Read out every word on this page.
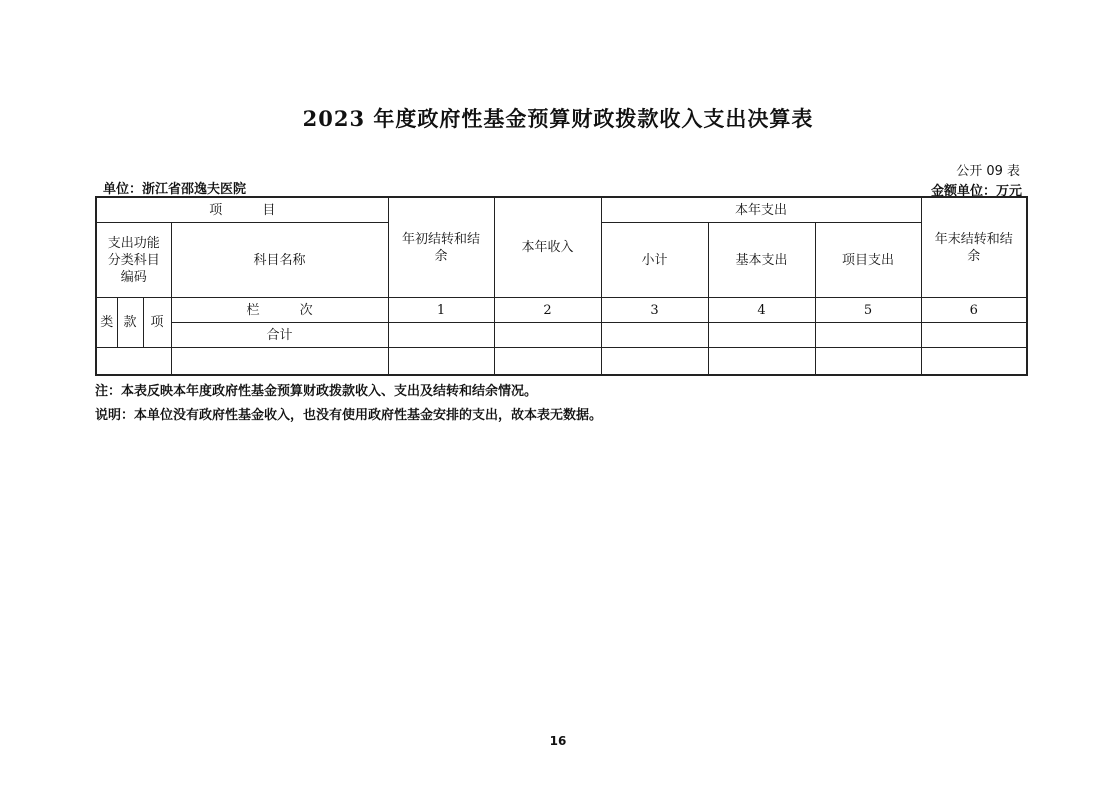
2023 年度政府性基金预算财政拨款收入支出决算表
公开 09 表
单位：浙江省邵逸夫医院	金额单位：万元
项 目				年初结转和结余	本年收入	本年支出			年末结转和结余
支出功能分类科目编码			科目名称			小计	基本支出	项目支出	
类	款	项	栏 次	1	2	3	4	5	6
			合计						

注：本表反映本年度政府性基金预算财政拨款收入、支出及结转和结余情况。
说明：本单位没有政府性基金收入，也没有使用政府性基金安排的支出，故本表无数据。
16
